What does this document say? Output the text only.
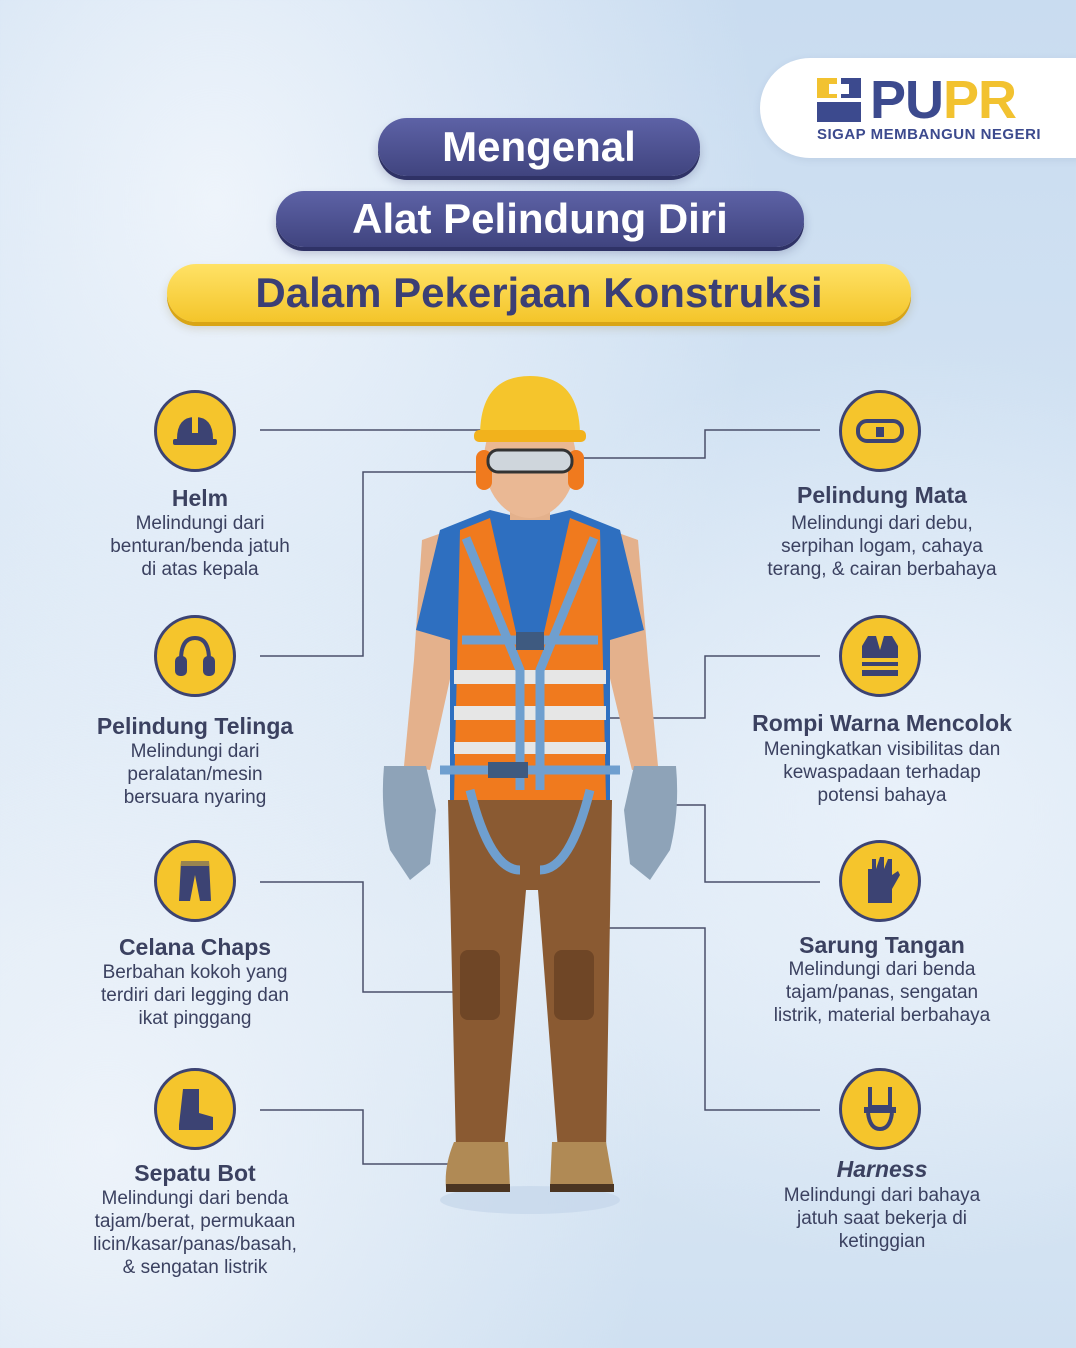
PUPR
SIGAP MEMBANGUN NEGERI
Mengenal
Alat Pelindung Diri
Dalam Pekerjaan Konstruksi
Helm
Melindungi dari
benturan/benda jatuh
di atas kepala
Pelindung Telinga
Melindungi dari
peralatan/mesin
bersuara nyaring
Celana Chaps
Berbahan kokoh yang
terdiri dari legging dan
ikat pinggang
Sepatu Bot
Melindungi dari benda
tajam/berat, permukaan
licin/kasar/panas/basah,
& sengatan listrik
Pelindung Mata
Melindungi dari debu,
serpihan logam, cahaya
terang, & cairan berbahaya
Rompi Warna Mencolok
Meningkatkan visibilitas dan
kewaspadaan terhadap
potensi bahaya
Sarung Tangan
Melindungi dari benda
tajam/panas, sengatan
listrik, material berbahaya
Harness
Melindungi dari bahaya
jatuh saat bekerja di
ketinggian
